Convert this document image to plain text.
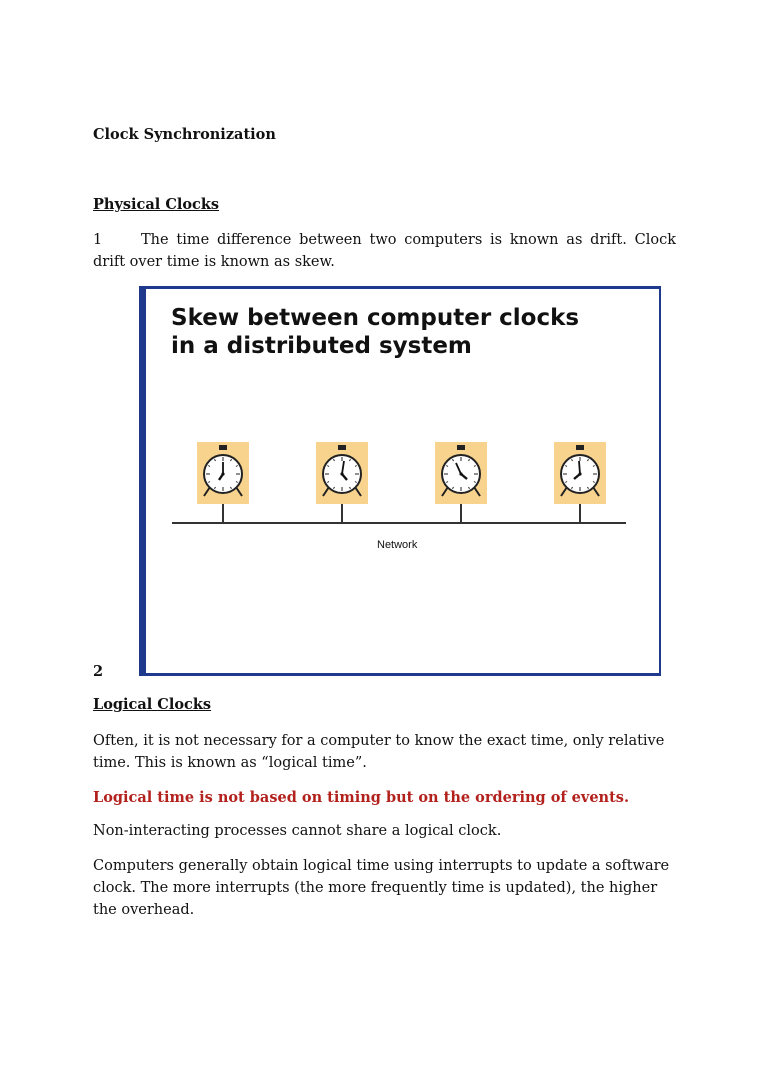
Clock Synchronization

Physical Clocks

1	The time difference between two computers is known as drift. Clock drift over time is known as skew.

Skew between computer clocks
in a distributed system
Network

2

Logical Clocks

Often, it is not necessary for a computer to know the exact time, only relative time. This is known as “logical time”.

Logical time is not based on timing but on the ordering of events.

Non-interacting processes cannot share a logical clock.

Computers generally obtain logical time using interrupts to update a software clock. The more interrupts (the more frequently time is updated), the higher the overhead.
